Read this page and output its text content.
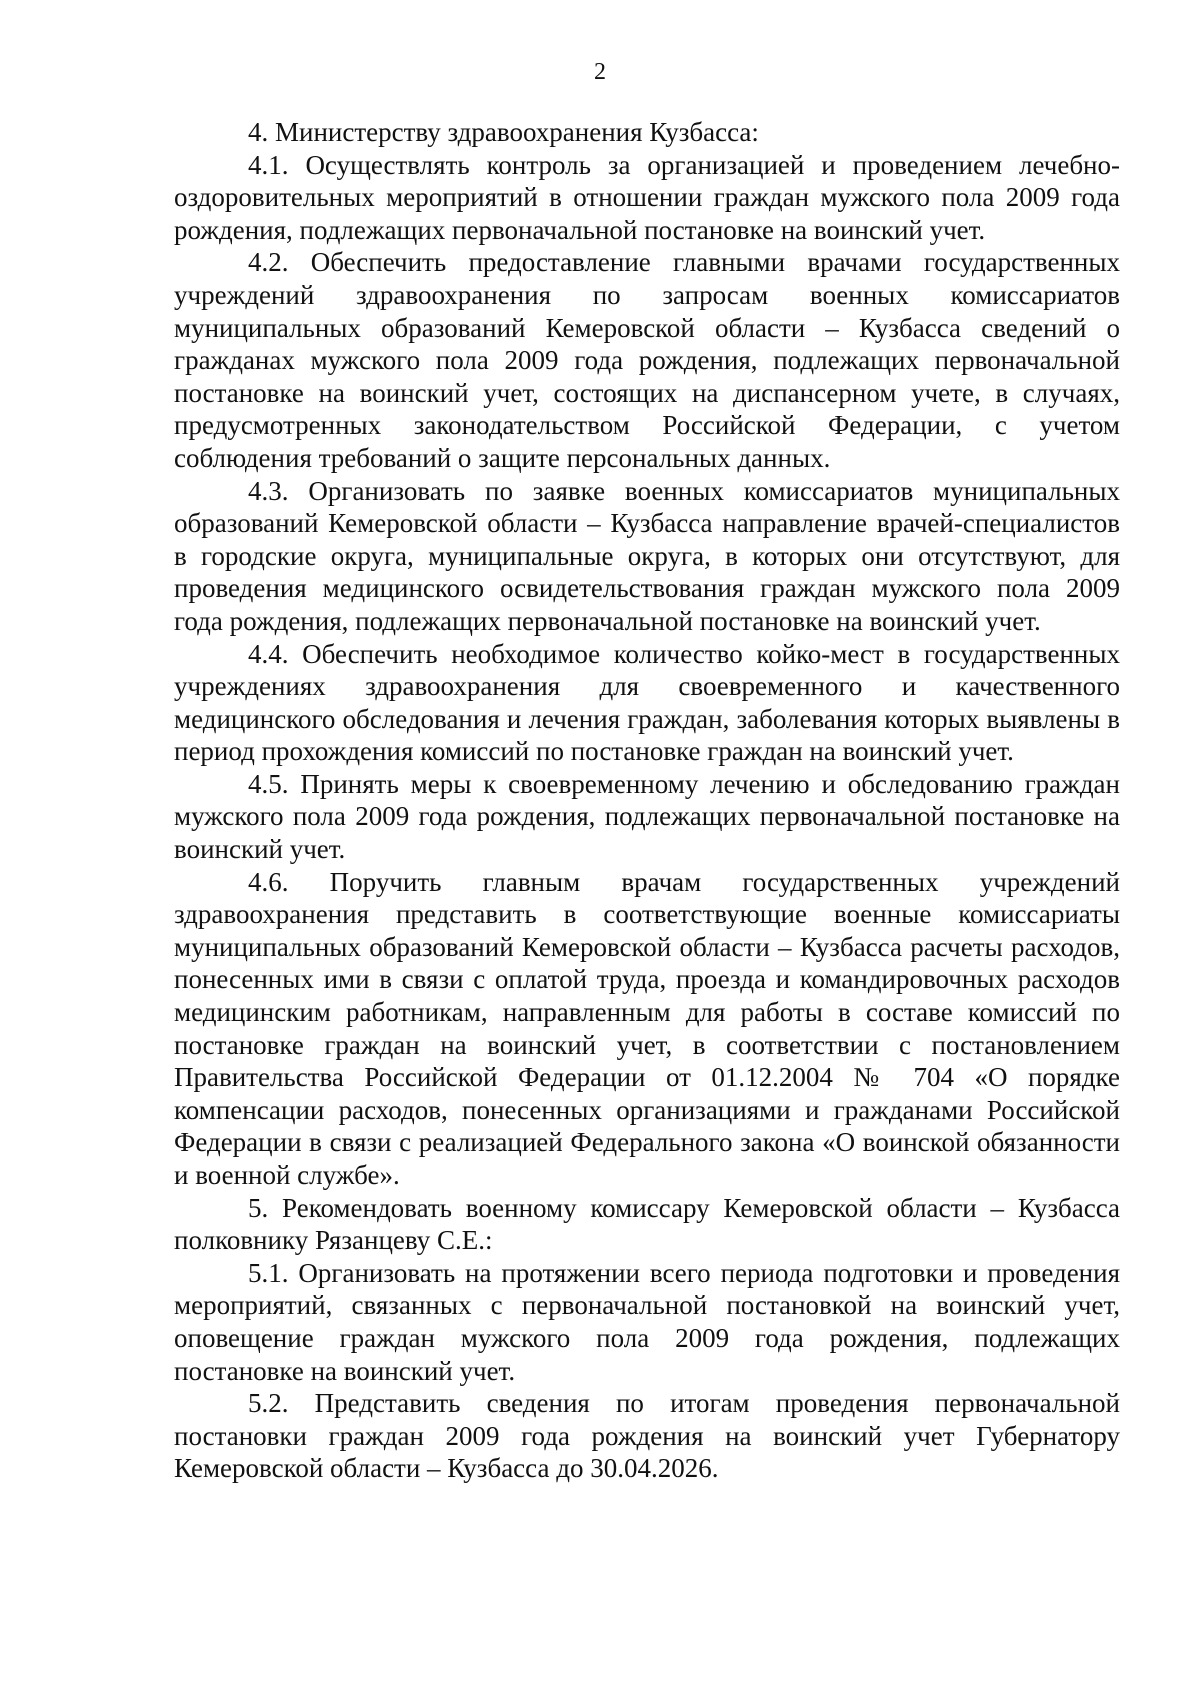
2

4. Министерству здравоохранения Кузбасса:

4.1. Осуществлять контроль за организацией и проведением лечебно-оздоровительных мероприятий в отношении граждан мужского пола 2009 года рождения, подлежащих первоначальной постановке на воинский учет.

4.2. Обеспечить предоставление главными врачами государственных учреждений здравоохранения по запросам военных комиссариатов муниципальных образований Кемеровской области – Кузбасса сведений о гражданах мужского пола 2009 года рождения, подлежащих первоначальной постановке на воинский учет, состоящих на диспансерном учете, в случаях, предусмотренных законодательством Российской Федерации, с учетом соблюдения требований о защите персональных данных.

4.3. Организовать по заявке военных комиссариатов муниципальных образований Кемеровской области – Кузбасса направление врачей-специалистов в городские округа, муниципальные округа, в которых они отсутствуют, для проведения медицинского освидетельствования граждан мужского пола 2009 года рождения, подлежащих первоначальной постановке на воинский учет.

4.4. Обеспечить необходимое количество койко-мест в государственных учреждениях здравоохранения для своевременного и качественного медицинского обследования и лечения граждан, заболевания которых выявлены в период прохождения комиссий по постановке граждан на воинский учет.

4.5. Принять меры к своевременному лечению и обследованию граждан мужского пола 2009 года рождения, подлежащих первоначальной постановке на воинский учет.

4.6. Поручить главным врачам государственных учреждений здравоохранения представить в соответствующие военные комиссариаты муниципальных образований Кемеровской области – Кузбасса расчеты расходов, понесенных ими в связи с оплатой труда, проезда и командировочных расходов медицинским работникам, направленным для работы в составе комиссий по постановке граждан на воинский учет, в соответствии с постановлением Правительства Российской Федерации от 01.12.2004 № 704 «О порядке компенсации расходов, понесенных организациями и гражданами Российской Федерации в связи с реализацией Федерального закона «О воинской обязанности и военной службе».

5. Рекомендовать военному комиссару Кемеровской области – Кузбасса полковнику Рязанцеву С.Е.:

5.1. Организовать на протяжении всего периода подготовки и проведения мероприятий, связанных с первоначальной постановкой на воинский учет, оповещение граждан мужского пола 2009 года рождения, подлежащих постановке на воинский учет.

5.2. Представить сведения по итогам проведения первоначальной постановки граждан 2009 года рождения на воинский учет Губернатору Кемеровской области – Кузбасса до 30.04.2026.
